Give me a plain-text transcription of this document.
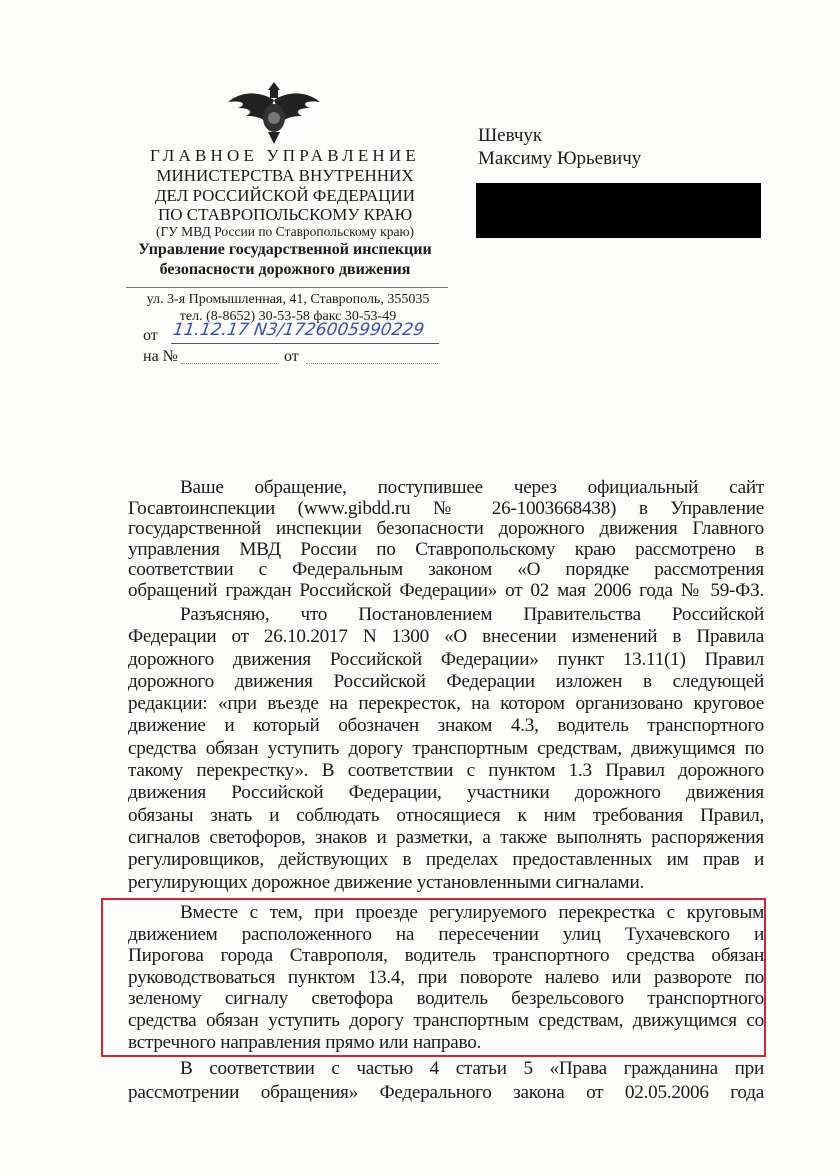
ГЛАВНОЕ УПРАВЛЕНИЕ
МИНИСТЕРСТВА ВНУТРЕННИХ
ДЕЛ РОССИЙСКОЙ ФЕДЕРАЦИИ
ПО СТАВРОПОЛЬСКОМУ КРАЮ
(ГУ МВД России по Ставропольскому краю)
Управление государственной инспекции
безопасности дорожного движения
ул. 3-я Промышленная, 41, Ставрополь, 355035
тел. (8-8652) 30-53-58 факс 30-53-49
от 11.12.17 N3/1726005990229
на №	от
Шевчук
Максиму Юрьевичу
Ваше обращение, поступившее через официальный сайт
Госавтоинспекции (www.gibdd.ru № 26-1003668438) в Управление
государственной инспекции безопасности дорожного движения Главного
управления МВД России по Ставропольскому краю рассмотрено в
соответствии с Федеральным законом «О порядке рассмотрения
обращений граждан Российской Федерации» от 02 мая 2006 года № 59-ФЗ.
Разъясняю, что Постановлением Правительства Российской
Федерации от 26.10.2017 N 1300 «О внесении изменений в Правила
дорожного движения Российской Федерации» пункт 13.11(1) Правил
дорожного движения Российской Федерации изложен в следующей
редакции: «при въезде на перекресток, на котором организовано круговое
движение и который обозначен знаком 4.3, водитель транспортного
средства обязан уступить дорогу транспортным средствам, движущимся по
такому перекрестку». В соответствии с пунктом 1.3 Правил дорожного
движения Российской Федерации, участники дорожного движения
обязаны знать и соблюдать относящиеся к ним требования Правил,
сигналов светофоров, знаков и разметки, а также выполнять распоряжения
регулировщиков, действующих в пределах предоставленных им прав и
регулирующих дорожное движение установленными сигналами.
Вместе с тем, при проезде регулируемого перекрестка с круговым
движением расположенного на пересечении улиц Тухачевского и
Пирогова города Ставрополя, водитель транспортного средства обязан
руководствоваться пунктом 13.4, при повороте налево или развороте по
зеленому сигналу светофора водитель безрельсового транспортного
средства обязан уступить дорогу транспортным средствам, движущимся со
встречного направления прямо или направо.
В соответствии с частью 4 статьи 5 «Права гражданина при
рассмотрении обращения» Федерального закона от 02.05.2006 года
